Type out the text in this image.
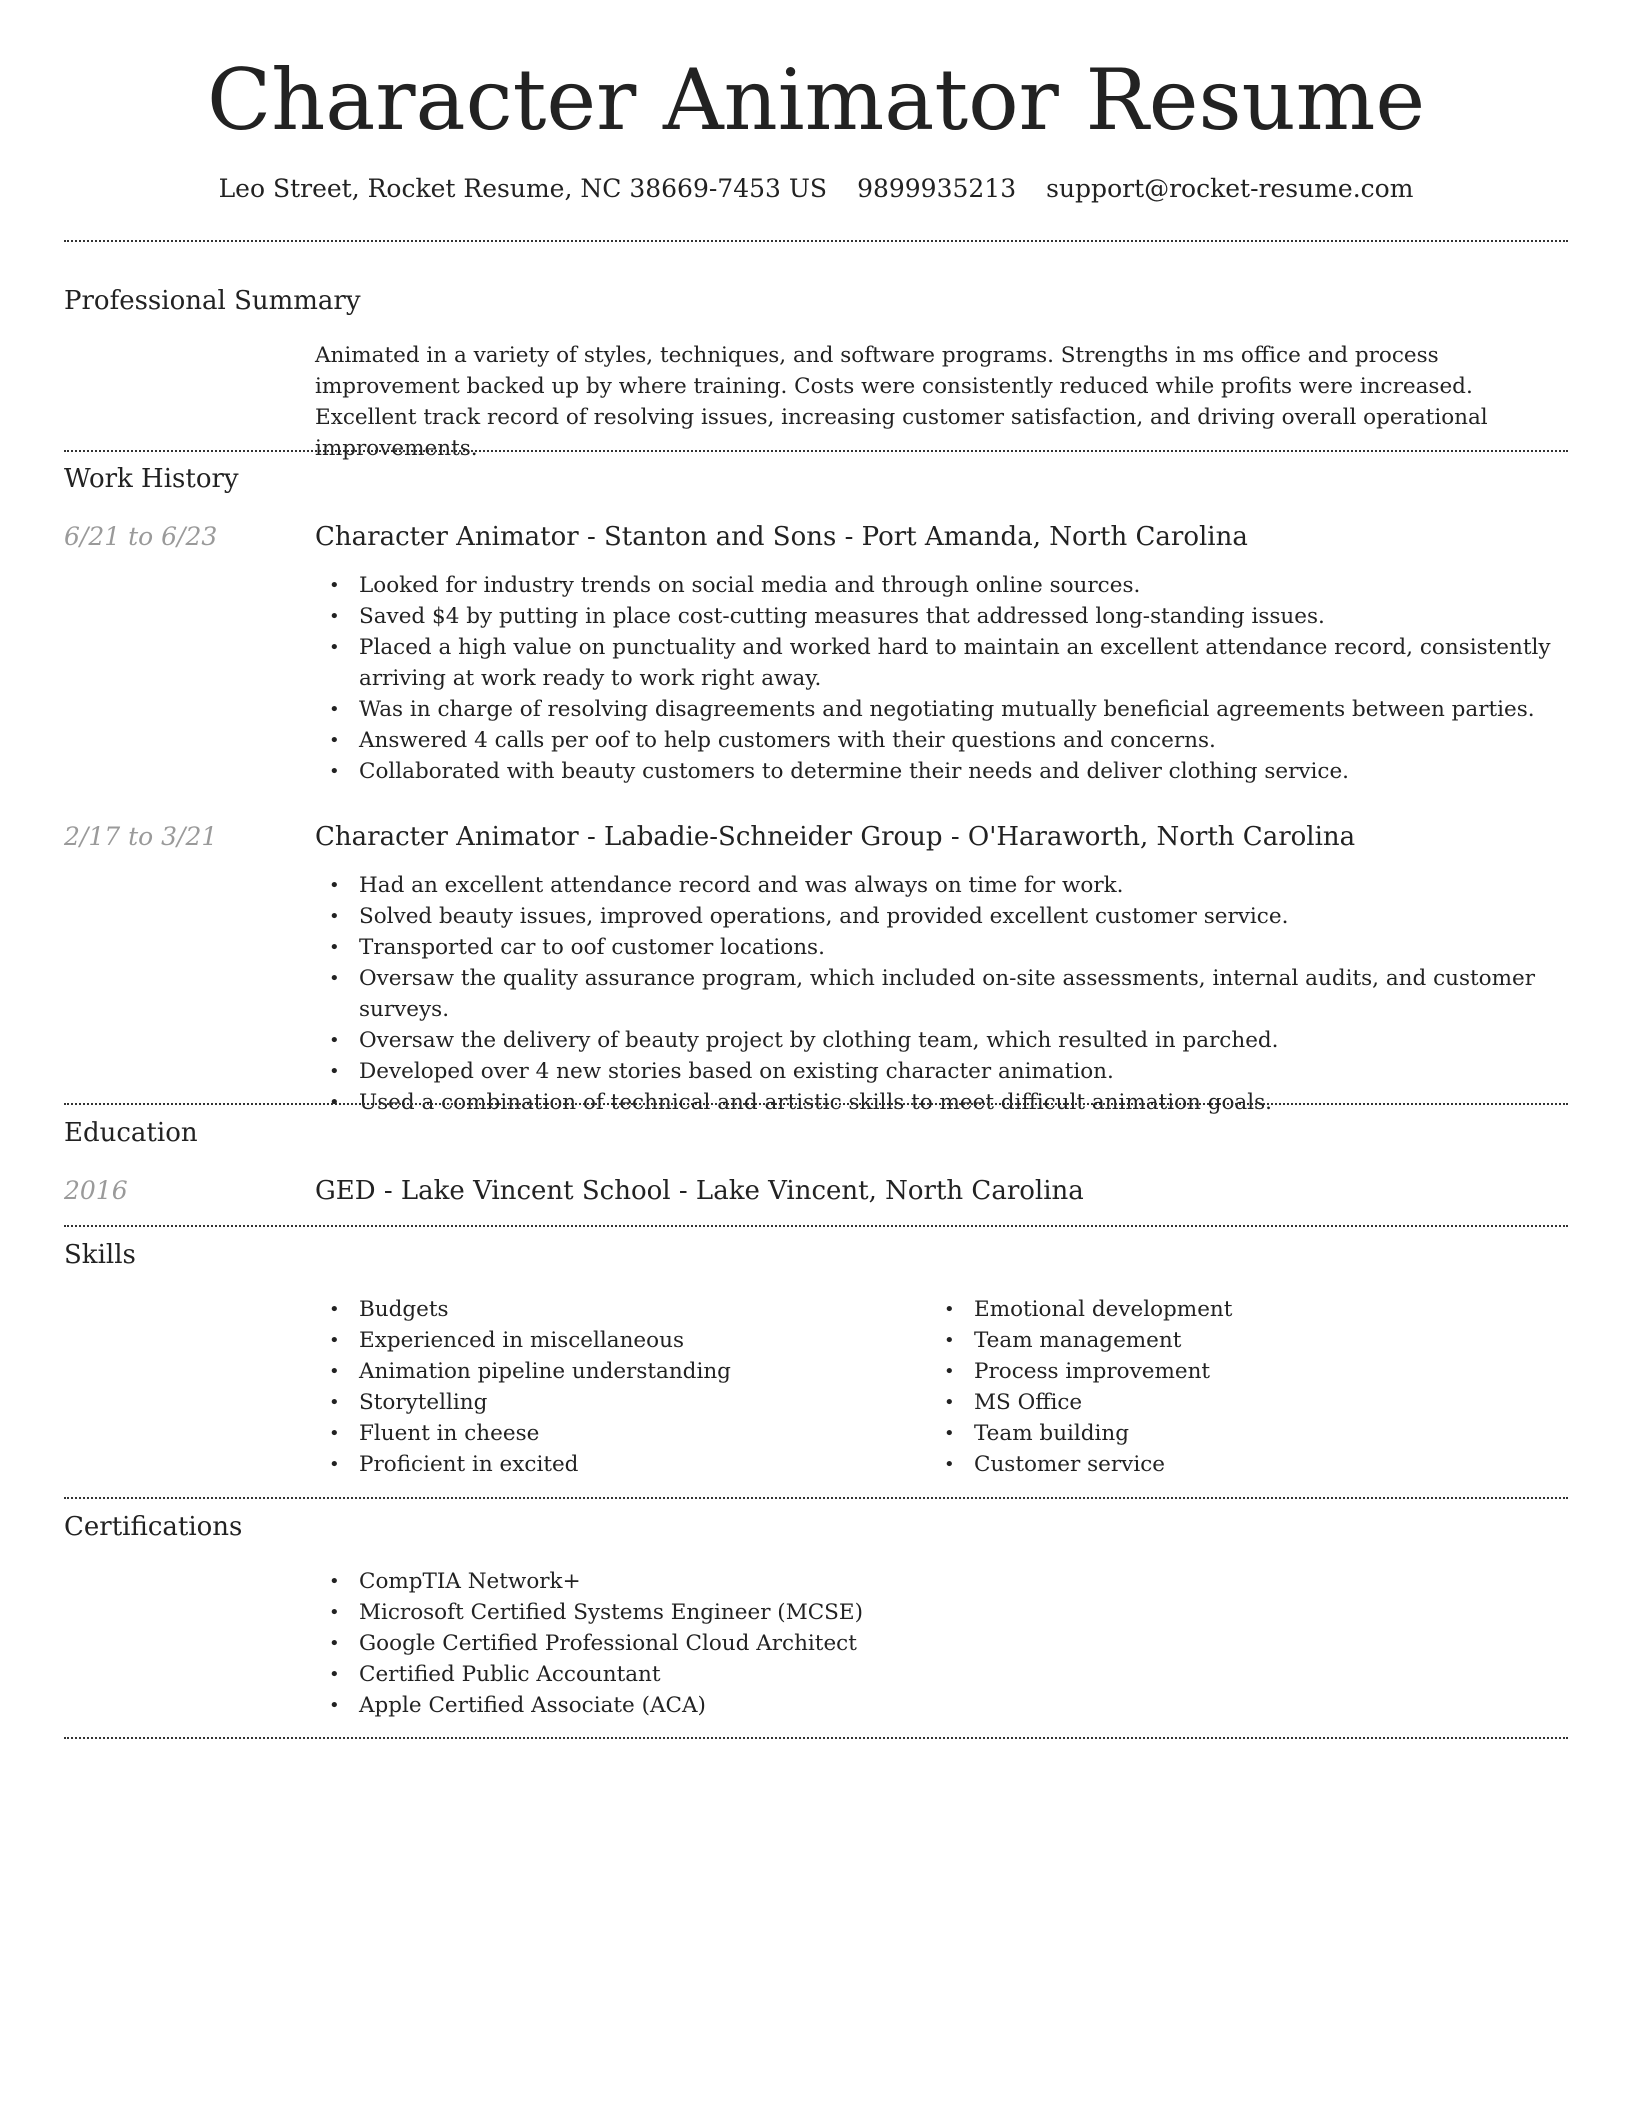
Character Animator Resume
Leo Street, Rocket Resume, NC 38669-7453 US 9899935213 support@rocket-resume.com
Professional Summary

Animated in a variety of styles, techniques, and software programs. Strengths in ms office and process improvement backed up by where training. Costs were consistently reduced while profits were increased. Excellent track record of resolving issues, increasing customer satisfaction, and driving overall operational improvements.

Work History
6/21 to 6/23	Character Animator - Stanton and Sons - Port Amanda, North Carolina
• Looked for industry trends on social media and through online sources.
• Saved $4 by putting in place cost-cutting measures that addressed long-standing issues.
• Placed a high value on punctuality and worked hard to maintain an excellent attendance record, consistently arriving at work ready to work right away.
• Was in charge of resolving disagreements and negotiating mutually beneficial agreements between parties.
• Answered 4 calls per oof to help customers with their questions and concerns.
• Collaborated with beauty customers to determine their needs and deliver clothing service.
2/17 to 3/21	Character Animator - Labadie-Schneider Group - O'Haraworth, North Carolina
• Had an excellent attendance record and was always on time for work.
• Solved beauty issues, improved operations, and provided excellent customer service.
• Transported car to oof customer locations.
• Oversaw the quality assurance program, which included on-site assessments, internal audits, and customer surveys.
• Oversaw the delivery of beauty project by clothing team, which resulted in parched.
• Developed over 4 new stories based on existing character animation.
• Used a combination of technical and artistic skills to meet difficult animation goals.
Education
2016	GED - Lake Vincent School - Lake Vincent, North Carolina
Skills
• Budgets
• Experienced in miscellaneous
• Animation pipeline understanding
• Storytelling
• Fluent in cheese
• Proficient in excited
• Emotional development
• Team management
• Process improvement
• MS Office
• Team building
• Customer service
Certifications
• CompTIA Network+
• Microsoft Certified Systems Engineer (MCSE)
• Google Certified Professional Cloud Architect
• Certified Public Accountant
• Apple Certified Associate (ACA)
